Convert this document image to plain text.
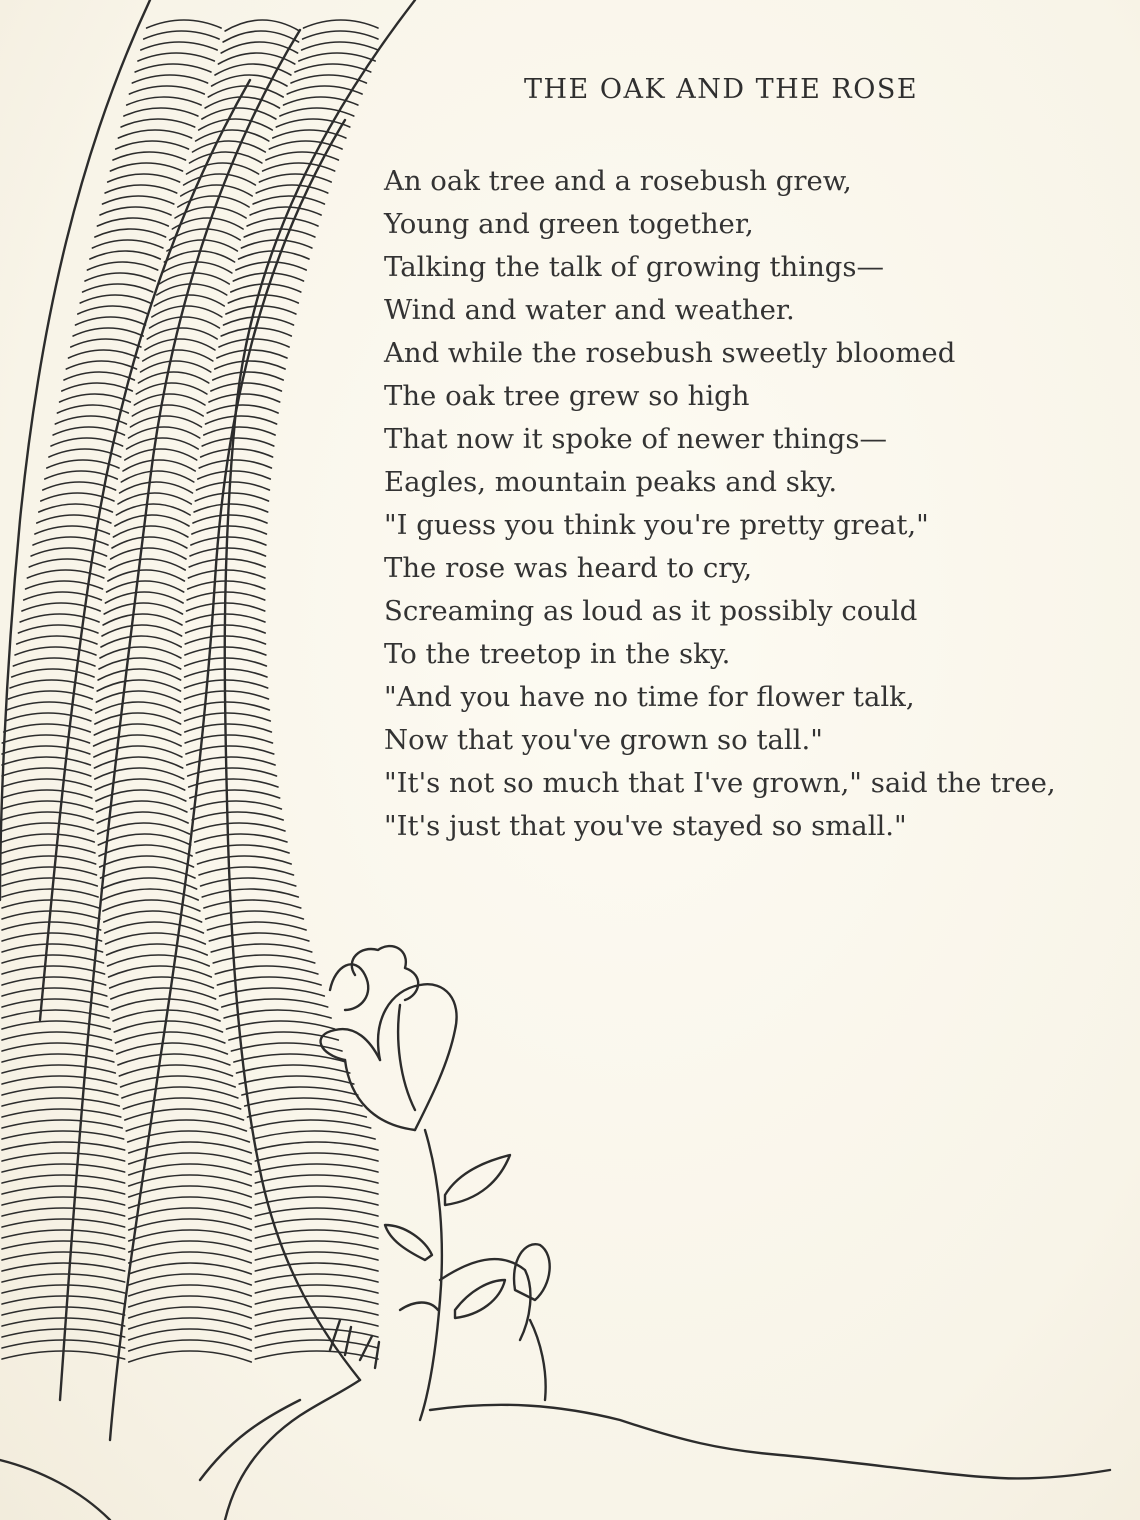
THE OAK AND THE ROSE
An oak tree and a rosebush grew,
Young and green together,
Talking the talk of growing things—
Wind and water and weather.
And while the rosebush sweetly bloomed
The oak tree grew so high
That now it spoke of newer things—
Eagles, mountain peaks and sky.
"I guess you think you're pretty great,"
The rose was heard to cry,
Screaming as loud as it possibly could
To the treetop in the sky.
"And you have no time for flower talk,
Now that you've grown so tall."
"It's not so much that I've grown," said the tree,
"It's just that you've stayed so small."
